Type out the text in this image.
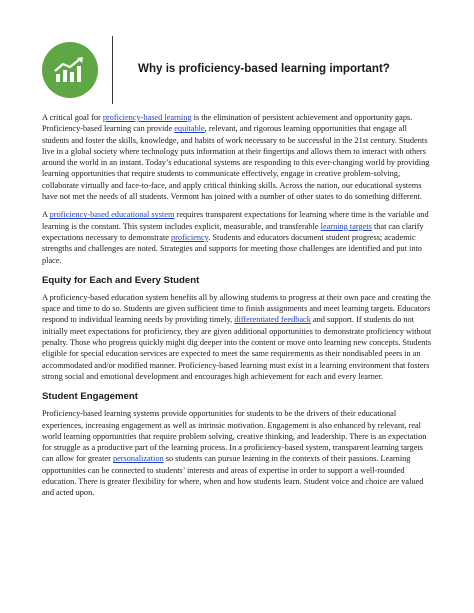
Why is proficiency-based learning important?

A critical goal for proficiency-based learning is the elimination of persistent achievement and opportunity gaps. Proficiency-based learning can provide equitable, relevant, and rigorous learning opportunities that engage all students and foster the skills, knowledge, and habits of work necessary to be successful in the 21st century. Students live in a global society where technology puts information at their fingertips and allows them to interact with others around the world in an instant. Today’s educational systems are responding to this ever-changing world by providing learning opportunities that require students to communicate effectively, engage in creative problem-solving, collaborate virtually and face-to-face, and apply critical thinking skills. Across the nation, our educational systems have not met the needs of all students. Vermont has joined with a number of other states to do something different.

A proficiency-based educational system requires transparent expectations for learning where time is the variable and learning is the constant. This system includes explicit, measurable, and transferable learning targets that can clarify expectations necessary to demonstrate proficiency. Students and educators document student progress; academic strengths and challenges are noted. Strategies and supports for meeting those challenges are identified and put into place.

Equity for Each and Every Student

A proficiency-based education system benefits all by allowing students to progress at their own pace and creating the space and time to do so. Students are given sufficient time to finish assignments and meet learning targets. Educators respond to individual learning needs by providing timely, differentiated feedback and support. If students do not initially meet expectations for proficiency, they are given additional opportunities to demonstrate proficiency without penalty. Those who progress quickly might dig deeper into the content or move onto learning new concepts. Students eligible for special education services are expected to meet the same requirements as their nondisabled peers in an accommodated and/or modified manner. Proficiency-based learning must exist in a learning environment that fosters strong social and emotional development and encourages high achievement for each and every learner.

Student Engagement

Proficiency-based learning systems provide opportunities for students to be the drivers of their educational experiences, increasing engagement as well as intrinsic motivation. Engagement is also enhanced by relevant, real world learning opportunities that require problem solving, creative thinking, and leadership. There is an expectation for struggle as a productive part of the learning process. In a proficiency-based system, transparent learning targets can allow for greater personalization so students can pursue learning in the contexts of their passions. Learning opportunities can be connected to students’ interests and areas of expertise in order to support a well-rounded education. There is greater flexibility for where, when and how students learn. Student voice and choice are valued and acted upon.
